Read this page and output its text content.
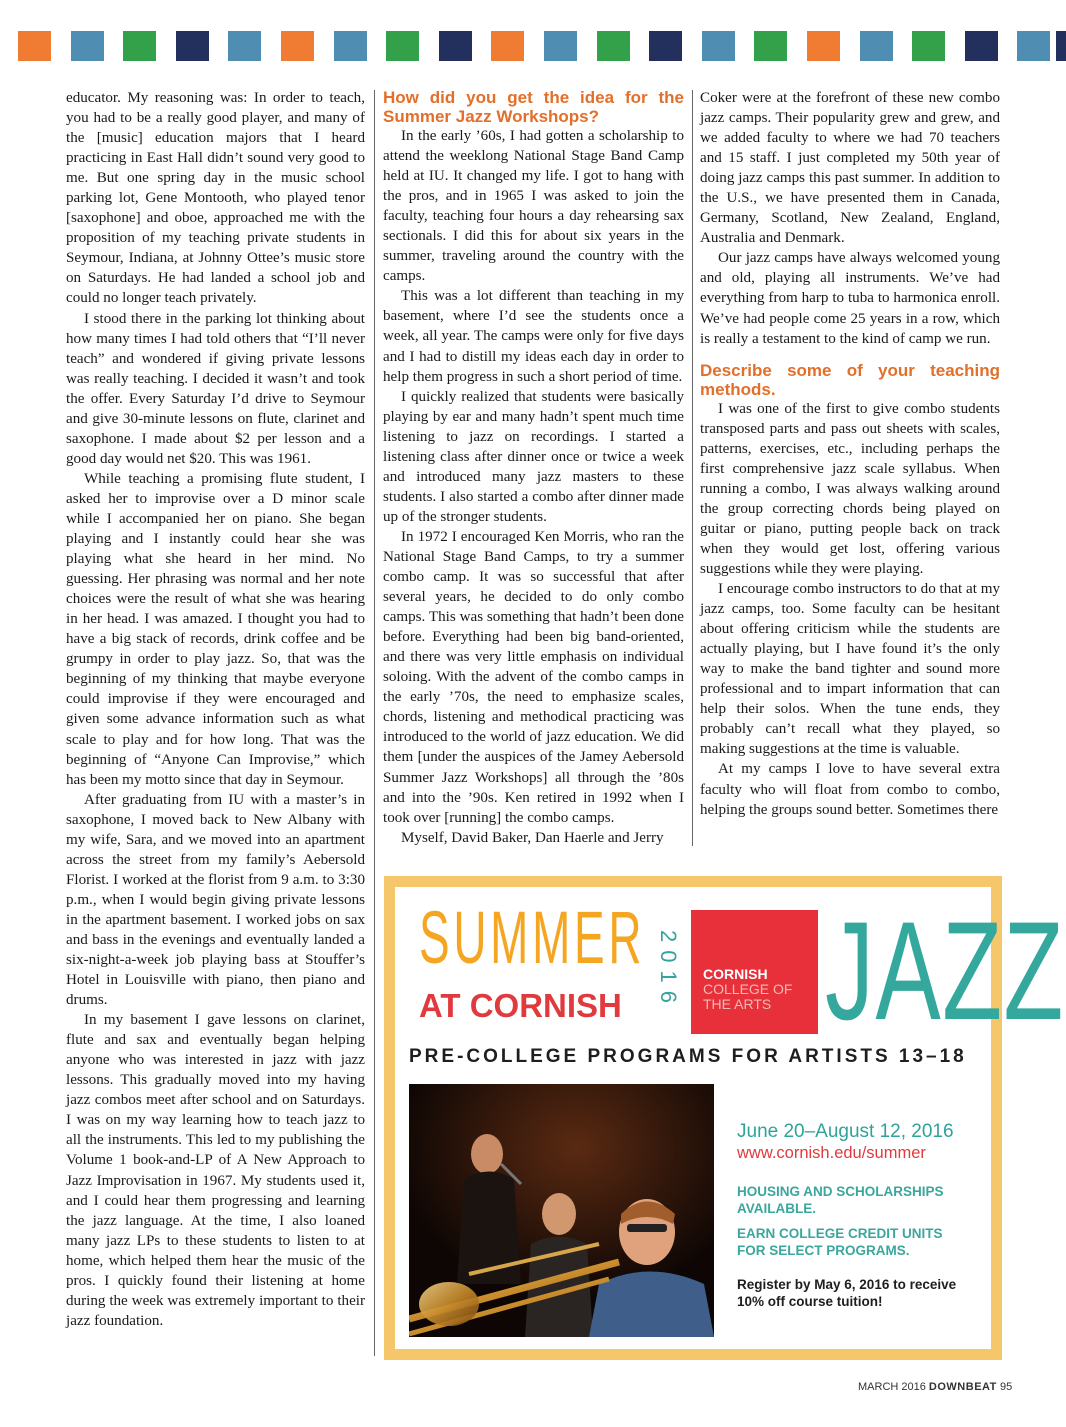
educator. My reasoning was: In order to teach, you had to be a really good player, and many of the [music] education majors that I heard practicing in East Hall didn’t sound very good to me. But one spring day in the music school parking lot, Gene Montooth, who played tenor [saxophone] and oboe, approached me with the proposition of my teaching private students in Seymour, Indiana, at Johnny Ottee’s music store on Saturdays. He had landed a school job and could no longer teach privately.

I stood there in the parking lot thinking about how many times I had told others that “I’ll never teach” and wondered if giving private lessons was really teaching. I decided it wasn’t and took the offer. Every Saturday I’d drive to Seymour and give 30-minute lessons on flute, clarinet and saxophone. I made about $2 per lesson and a good day would net $20. This was 1961.

While teaching a promising flute student, I asked her to improvise over a D minor scale while I accompanied her on piano. She began playing and I instantly could hear she was playing what she heard in her mind. No guessing. Her phrasing was normal and her note choices were the result of what she was hearing in her head. I was amazed. I thought you had to have a big stack of records, drink coffee and be grumpy in order to play jazz. So, that was the beginning of my thinking that maybe everyone could improvise if they were encouraged and given some advance information such as what scale to play and for how long. That was the beginning of “Anyone Can Improvise,” which has been my motto since that day in Seymour.

After graduating from IU with a master’s in saxophone, I moved back to New Albany with my wife, Sara, and we moved into an apartment across the street from my family’s Aebersold Florist. I worked at the florist from 9 a.m. to 3:30 p.m., when I would begin giving private lessons in the apartment basement. I worked jobs on sax and bass in the evenings and eventually landed a six-night-a-week job playing bass at Stouffer’s Hotel in Louisville with piano, then piano and drums.

In my basement I gave lessons on clarinet, flute and sax and eventually began helping anyone who was interested in jazz with jazz lessons. This gradually moved into my having jazz combos meet after school and on Saturdays. I was on my way learning how to teach jazz to all the instruments. This led to my publishing the Volume 1 book-and-LP of A New Approach to Jazz Improvisation in 1967. My students used it, and I could hear them progressing and learning the jazz language. At the time, I also loaned many jazz LPs to these students to listen to at home, which helped them hear the music of the pros. I quickly found their listening at home during the week was extremely important to their jazz foundation.

How did you get the idea for the Summer Jazz Workshops?

In the early ’60s, I had gotten a scholarship to attend the weeklong National Stage Band Camp held at IU. It changed my life. I got to hang with the pros, and in 1965 I was asked to join the faculty, teaching four hours a day rehearsing sax sectionals. I did this for about six years in the summer, traveling around the country with the camps.

This was a lot different than teaching in my basement, where I’d see the students once a week, all year. The camps were only for five days and I had to distill my ideas each day in order to help them progress in such a short period of time.

I quickly realized that students were basically playing by ear and many hadn’t spent much time listening to jazz on recordings. I started a listening class after dinner once or twice a week and introduced many jazz masters to these students. I also started a combo after dinner made up of the stronger students.

In 1972 I encouraged Ken Morris, who ran the National Stage Band Camps, to try a summer combo camp. It was so successful that after several years, he decided to do only combo camps. This was something that hadn’t been done before. Everything had been big band-oriented, and there was very little emphasis on individual soloing. With the advent of the combo camps in the early ’70s, the need to emphasize scales, chords, listening and methodical practicing was introduced to the world of jazz education. We did them [under the auspices of the Jamey Aebersold Summer Jazz Workshops] all through the ’80s and into the ’90s. Ken retired in 1992 when I took over [running] the combo camps.

Myself, David Baker, Dan Haerle and Jerry

Coker were at the forefront of these new combo jazz camps. Their popularity grew and grew, and we added faculty to where we had 70 teachers and 15 staff. I just completed my 50th year of doing jazz camps this past summer. In addition to the U.S., we have presented them in Canada, Germany, Scotland, New Zealand, England, Australia and Denmark.

Our jazz camps have always welcomed young and old, playing all instruments. We’ve had everything from harp to tuba to harmonica enroll. We’ve had people come 25 years in a row, which is really a testament to the kind of camp we run.

Describe some of your teaching methods.

I was one of the first to give combo students transposed parts and pass out sheets with scales, patterns, exercises, etc., including perhaps the first comprehensive jazz scale syllabus. When running a combo, I was always walking around the group correcting chords being played on guitar or piano, putting people back on track when they would get lost, offering various suggestions while they were playing.

I encourage combo instructors to do that at my jazz camps, too. Some faculty can be hesitant about offering criticism while the students are actually playing, but I have found it’s the only way to make the band tighter and sound more professional and to impart information that can help their solos. When the tune ends, they probably can’t recall what they played, so making suggestions at the time is valuable.

At my camps I love to have several extra faculty who will float from combo to combo, helping the groups sound better. Sometimes there

SUMMER
AT CORNISH 2016 CORNISH
COLLEGE OF THE ARTS JAZZ
PRE-COLLEGE PROGRAMS FOR ARTISTS 13–18
June 20–August 12, 2016
www.cornish.edu/summer
HOUSING AND SCHOLARSHIPS AVAILABLE.
EARN COLLEGE CREDIT UNITS FOR SELECT PROGRAMS.
Register by May 6, 2016 to receive 10% off course tuition!
MARCH 2016 DOWNBEAT 95
